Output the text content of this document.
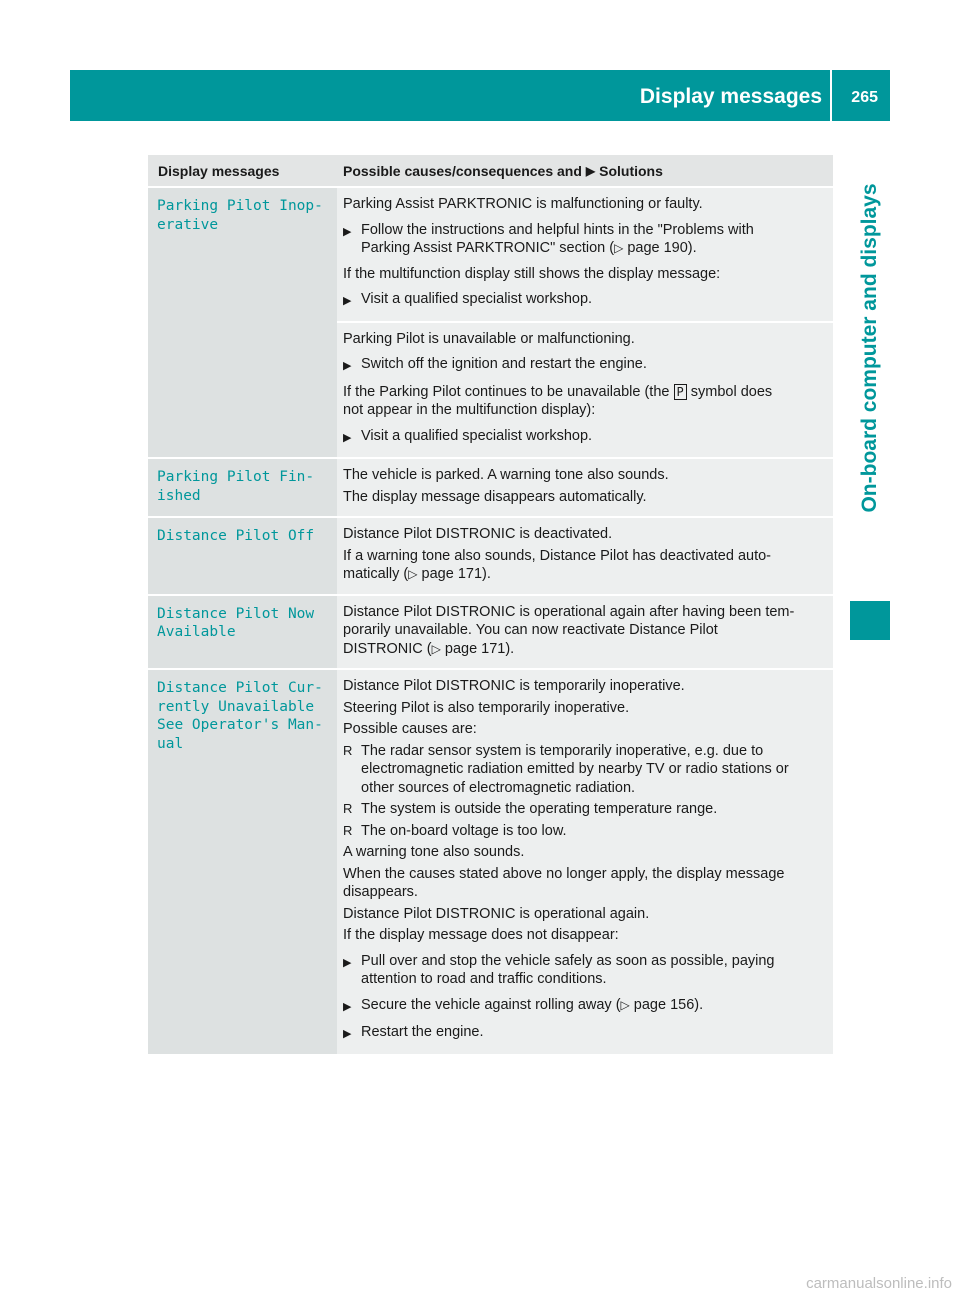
Display messages 265
On-board computer and displays
Display messages	Possible causes/consequences and ▶ Solutions
Parking Pilot Inop‐
erative
Parking Assist PARKTRONIC is malfunctioning or faulty.
▶ Follow the instructions and helpful hints in the "Problems with
Parking Assist PARKTRONIC" section (▷ page 190).
If the multifunction display still shows the display message:
▶ Visit a qualified specialist workshop.
Parking Pilot is unavailable or malfunctioning.
▶ Switch off the ignition and restart the engine.
If the Parking Pilot continues to be unavailable (the P symbol does
not appear in the multifunction display):
▶ Visit a qualified specialist workshop.
Parking Pilot Fin‐
ished
The vehicle is parked. A warning tone also sounds.
The display message disappears automatically.
Distance Pilot Off	Distance Pilot DISTRONIC is deactivated.
If a warning tone also sounds, Distance Pilot has deactivated auto‐
matically (▷ page 171).
Distance Pilot Now
Available
Distance Pilot DISTRONIC is operational again after having been tem‐
porarily unavailable. You can now reactivate Distance Pilot
DISTRONIC (▷ page 171).
Distance Pilot Cur‐
rently Unavailable
See Operator's Man‐
ual
Distance Pilot DISTRONIC is temporarily inoperative.
Steering Pilot is also temporarily inoperative.
Possible causes are:
R The radar sensor system is temporarily inoperative, e.g. due to
electromagnetic radiation emitted by nearby TV or radio stations or
other sources of electromagnetic radiation.
R The system is outside the operating temperature range.
R The on-board voltage is too low.
A warning tone also sounds.
When the causes stated above no longer apply, the display message
disappears.
Distance Pilot DISTRONIC is operational again.
If the display message does not disappear:
▶ Pull over and stop the vehicle safely as soon as possible, paying
attention to road and traffic conditions.
▶ Secure the vehicle against rolling away (▷ page 156).
▶ Restart the engine.
carmanualsonline.info
